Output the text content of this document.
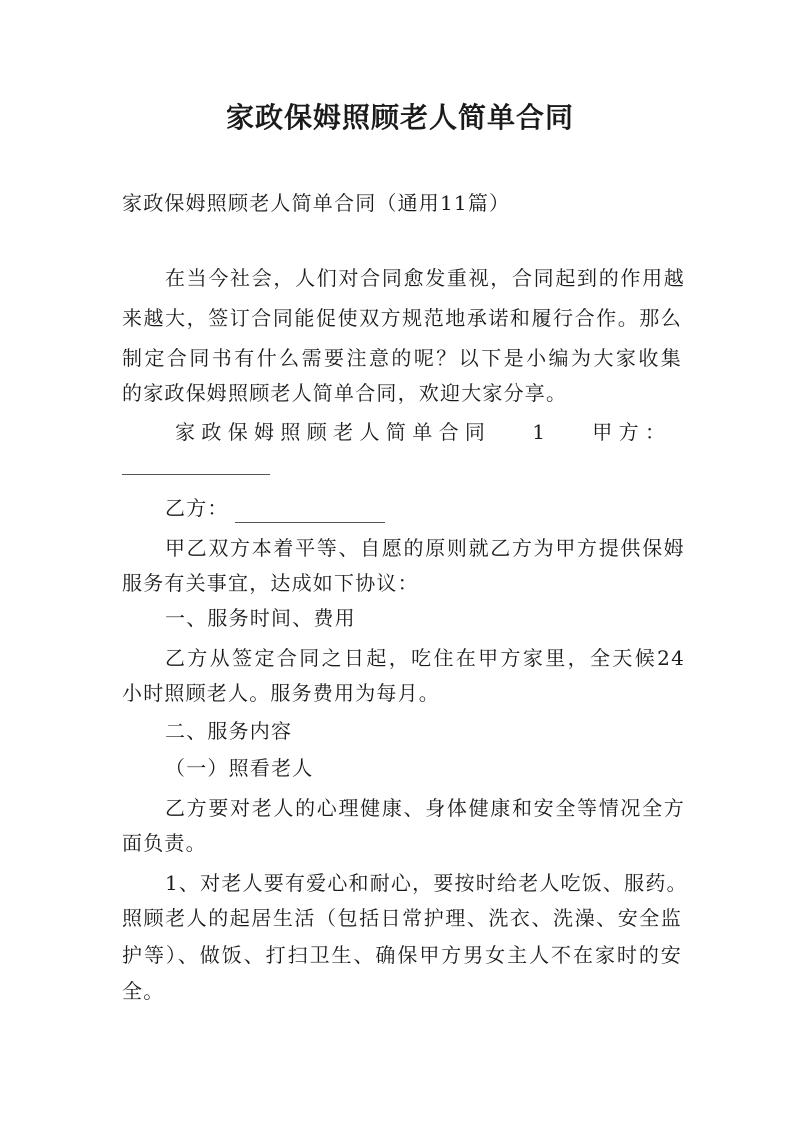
家政保姆照顾老人简单合同
家政保姆照顾老人简单合同（通用11篇）
在当今社会，人们对合同愈发重视，合同起到的作用越
来越大，签订合同能促使双方规范地承诺和履行合作。那么
制定合同书有什么需要注意的呢？以下是小编为大家收集
的家政保姆照顾老人简单合同，欢迎大家分享。
家 政 保 姆 照 顾 老 人 简 单 合 同 1 甲 方 ：
乙方：
甲乙双方本着平等、自愿的原则就乙方为甲方提供保姆
服务有关事宜，达成如下协议：
一、服务时间、费用
乙方从签定合同之日起，吃住在甲方家里，全天候24
小时照顾老人。服务费用为每月。
二、服务内容
（一）照看老人
乙方要对老人的心理健康、身体健康和安全等情况全方
面负责。
1、对老人要有爱心和耐心，要按时给老人吃饭、服药。
照顾老人的起居生活（包括日常护理、洗衣、洗澡、安全监
护等）、做饭、打扫卫生、确保甲方男女主人不在家时的安
全。
